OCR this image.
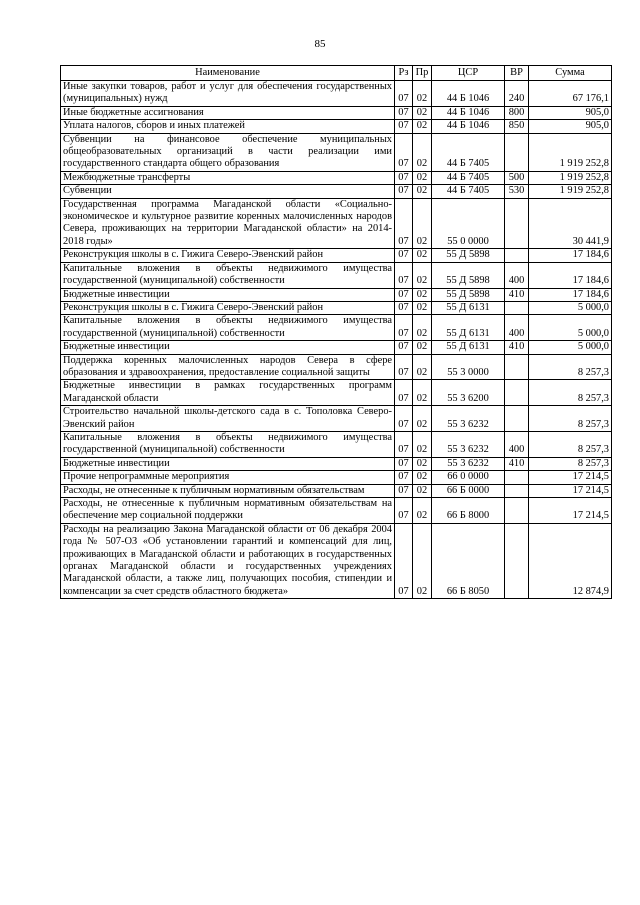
85
Наименование	Рз	Пр	ЦСР	ВР	Сумма
Иные закупки товаров, работ и услуг для обеспечения государственных (муниципальных) нужд	07	02	44 Б 1046	240	67 176,1
Иные бюджетные ассигнования	07	02	44 Б 1046	800	905,0
Уплата налогов, сборов и иных платежей	07	02	44 Б 1046	850	905,0
Субвенции на финансовое обеспечение муниципальных общеобразовательных организаций в части реализации ими государственного стандарта общего образования	07	02	44 Б 7405		1 919 252,8
Межбюджетные трансферты	07	02	44 Б 7405	500	1 919 252,8
Субвенции	07	02	44 Б 7405	530	1 919 252,8
Государственная программа Магаданской области «Социально-экономическое и культурное развитие коренных малочисленных народов Севера, проживающих на территории Магаданской области» на 2014-2018 годы»	07	02	55 0 0000		30 441,9
Реконструкция школы в с. Гижига Северо-Эвенский район	07	02	55 Д 5898		17 184,6
Капитальные вложения в объекты недвижимого имущества государственной (муниципальной) собственности	07	02	55 Д 5898	400	17 184,6
Бюджетные инвестиции	07	02	55 Д 5898	410	17 184,6
Реконструкция школы в с. Гижига Северо-Эвенский район	07	02	55 Д 6131		5 000,0
Капитальные вложения в объекты недвижимого имущества государственной (муниципальной) собственности	07	02	55 Д 6131	400	5 000,0
Бюджетные инвестиции	07	02	55 Д 6131	410	5 000,0
Поддержка коренных малочисленных народов Севера в сфере образования и здравоохранения, предоставление социальной защиты	07	02	55 3 0000		8 257,3
Бюджетные инвестиции в рамках государственных программ Магаданской области	07	02	55 3 6200		8 257,3
Строительство начальной школы-детского сада в с. Тополовка Северо-Эвенский район	07	02	55 3 6232		8 257,3
Капитальные вложения в объекты недвижимого имущества государственной (муниципальной) собственности	07	02	55 3 6232	400	8 257,3
Бюджетные инвестиции	07	02	55 3 6232	410	8 257,3
Прочие непрограммные мероприятия	07	02	66 0 0000		17 214,5
Расходы, не отнесенные к публичным нормативным обязательствам	07	02	66 Б 0000		17 214,5
Расходы, не отнесенные к публичным нормативным обязательствам на обеспечение мер социальной поддержки	07	02	66 Б 8000		17 214,5
Расходы на реализацию Закона Магаданской области от 06 декабря 2004 года № 507-ОЗ «Об установлении гарантий и компенсаций для лиц, проживающих в Магаданской области и работающих в государственных органах Магаданской области и государственных учреждениях Магаданской области, а также лиц, получающих пособия, стипендии и компенсации за счет средств областного бюджета»	07	02	66 Б 8050		12 874,9
